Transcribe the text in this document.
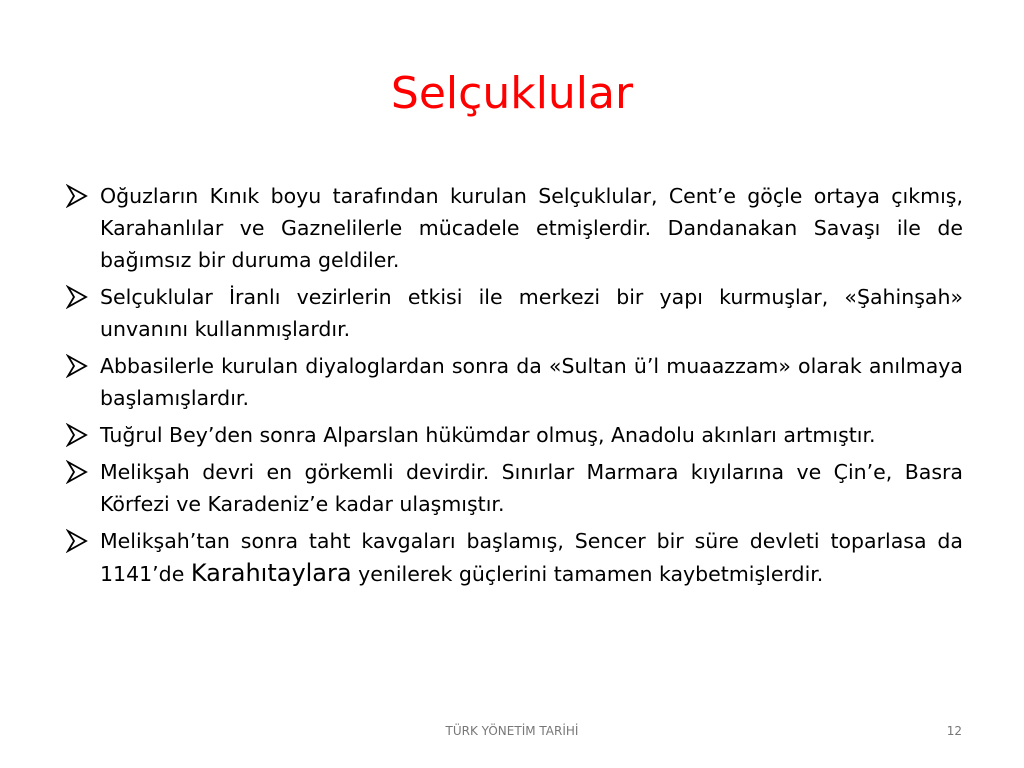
Selçuklular
Oğuzların Kınık boyu tarafından kurulan Selçuklular, Cent’e göçle ortaya çıkmış, Karahanlılar ve Gaznelilerle mücadele etmişlerdir. Dandanakan Savaşı ile de bağımsız bir duruma geldiler.
Selçuklular İranlı vezirlerin etkisi ile merkezi bir yapı kurmuşlar, «Şahinşah» unvanını kullanmışlardır.
Abbasilerle kurulan diyaloglardan sonra da «Sultan ü’l muaazzam» olarak anılmaya başlamışlardır.
Tuğrul Bey’den sonra Alparslan hükümdar olmuş, Anadolu akınları artmıştır.
Melikşah devri en görkemli devirdir. Sınırlar Marmara kıyılarına ve Çin’e, Basra Körfezi ve Karadeniz’e kadar ulaşmıştır.
Melikşah’tan sonra taht kavgaları başlamış, Sencer bir süre devleti toparlasa da 1141’de Karahıtaylara yenilerek güçlerini tamamen kaybetmişlerdir.
TÜRK YÖNETİM TARİHİ	12
